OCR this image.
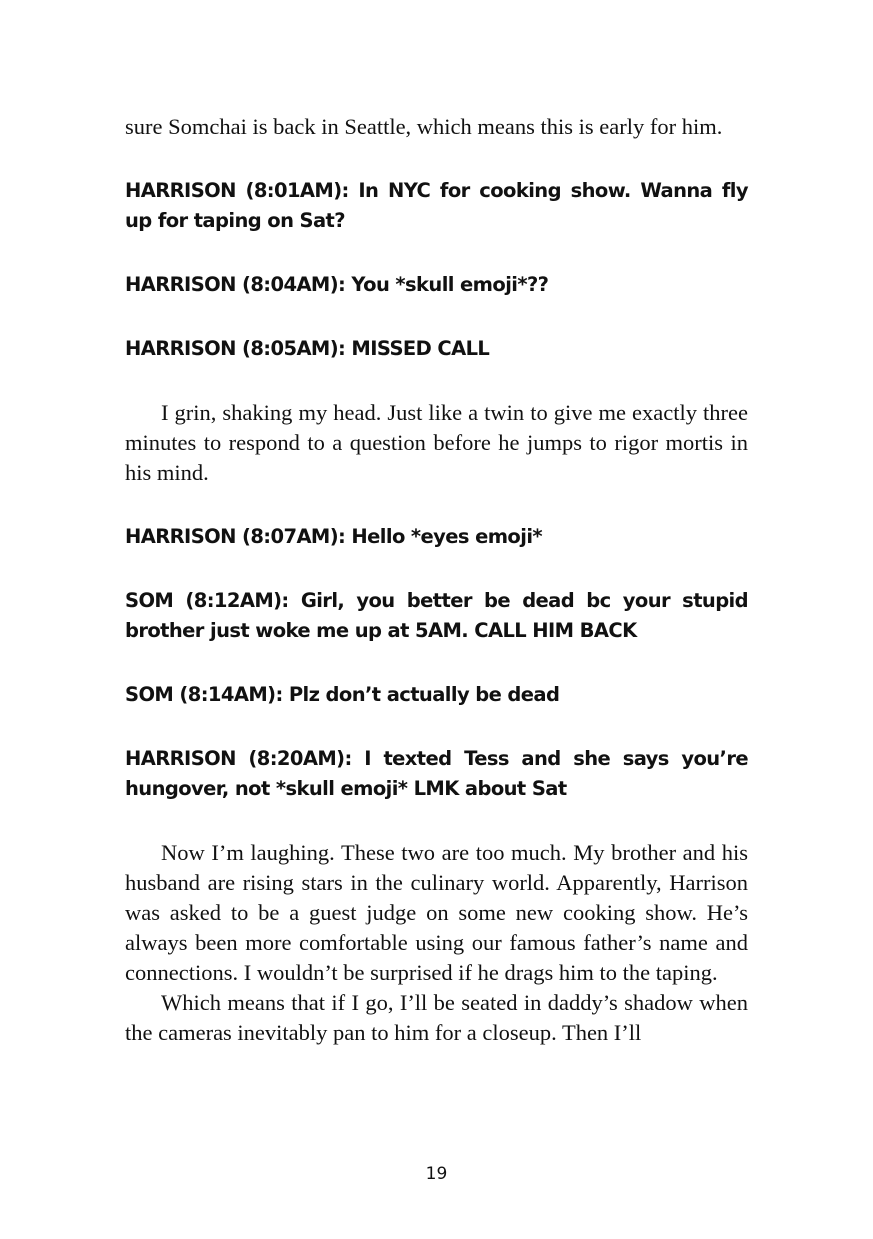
sure Somchai is back in Seattle, which means this is early for him.

HARRISON (8:01AM): In NYC for cooking show. Wanna fly up for taping on Sat?

HARRISON (8:04AM): You *skull emoji*??

HARRISON (8:05AM): MISSED CALL

I grin, shaking my head. Just like a twin to give me exactly three minutes to respond to a question before he jumps to rigor mortis in his mind.

HARRISON (8:07AM): Hello *eyes emoji*

SOM (8:12AM): Girl, you better be dead bc your stupid brother just woke me up at 5AM. CALL HIM BACK

SOM (8:14AM): Plz don’t actually be dead

HARRISON (8:20AM): I texted Tess and she says you’re hungover, not *skull emoji* LMK about Sat

Now I’m laughing. These two are too much. My brother and his husband are rising stars in the culinary world. Apparently, Harrison was asked to be a guest judge on some new cooking show. He’s always been more comfortable using our famous father’s name and connections. I wouldn’t be surprised if he drags him to the taping.

Which means that if I go, I’ll be seated in daddy’s shadow when the cameras inevitably pan to him for a closeup. Then I’ll

19
